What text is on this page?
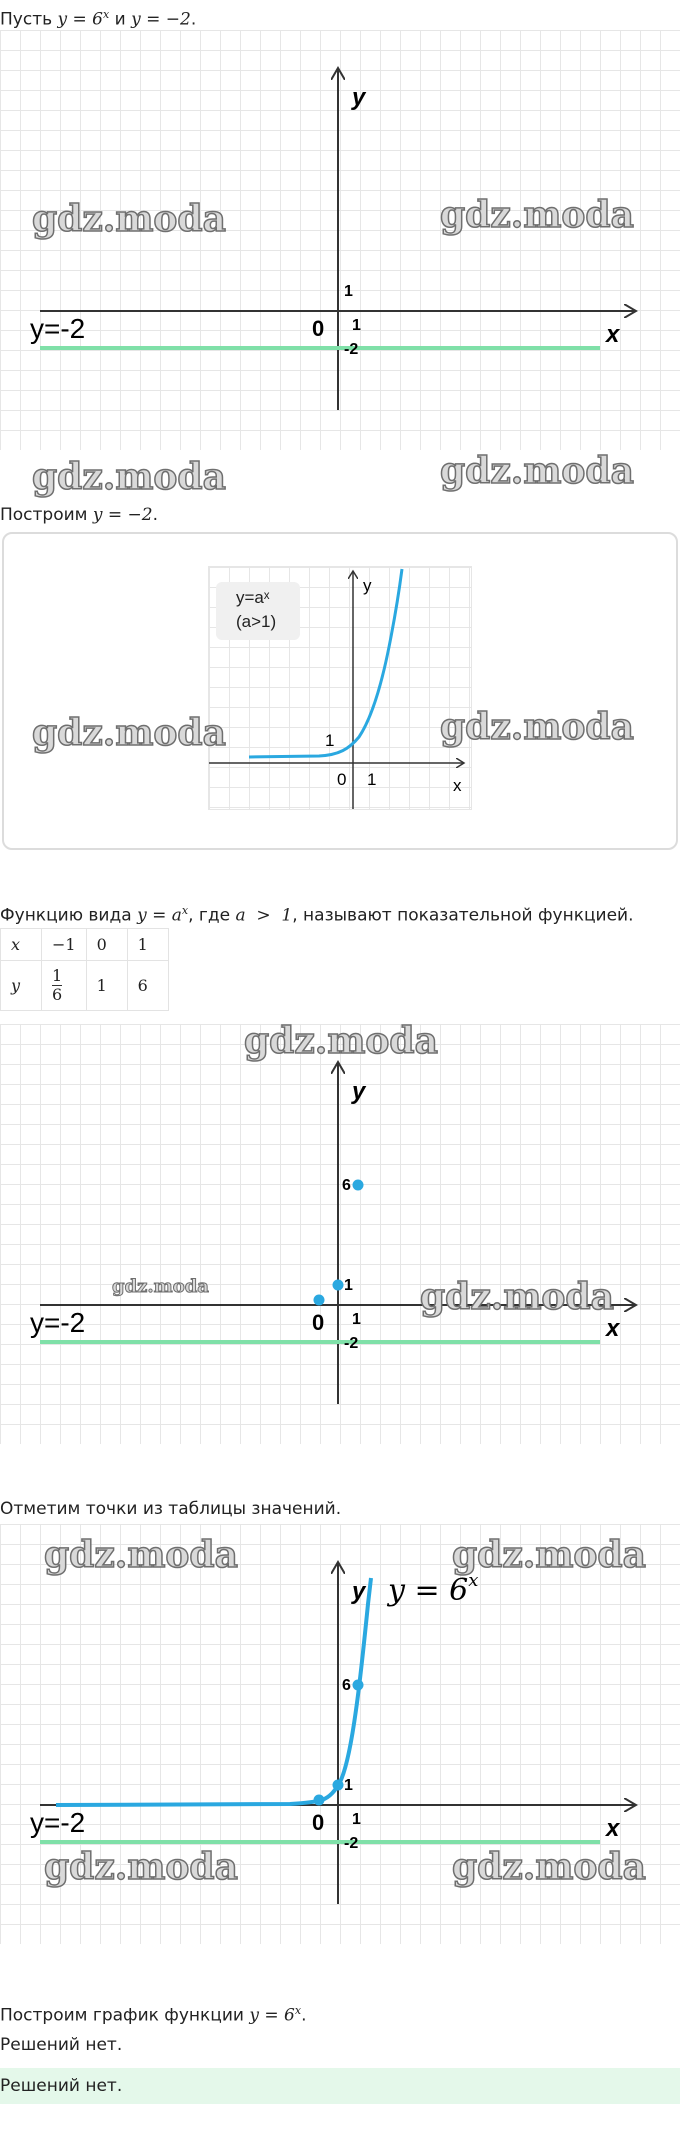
Пусть $y = 6^x$ и y = −2.
y
x
0
1
1
-2
y=-2
gdz.moda	gdz.moda
gdz.moda	gdz.moda
Построим y = −2.
0 1
1
x
y
y=aˣ
(a>1)
gdz.moda	gdz.moda
Функцию вида $y = a^x$, где a  >  1, называют показательной функцией.
x	−1	0	1
y	$\frac{1}{6}$	1	6
y
x
0
1
1
6
-2
y=-2
gdz.moda
gdz.moda	gdz.moda
Отметим точки из таблицы значений.
y
x
0
1
1
6
-2
y=-2
$y = 6^x$
gdz.moda	gdz.moda
gdz.moda	gdz.moda
Построим график функции $y = 6^x$.
Решений нет.
Решений нет.
